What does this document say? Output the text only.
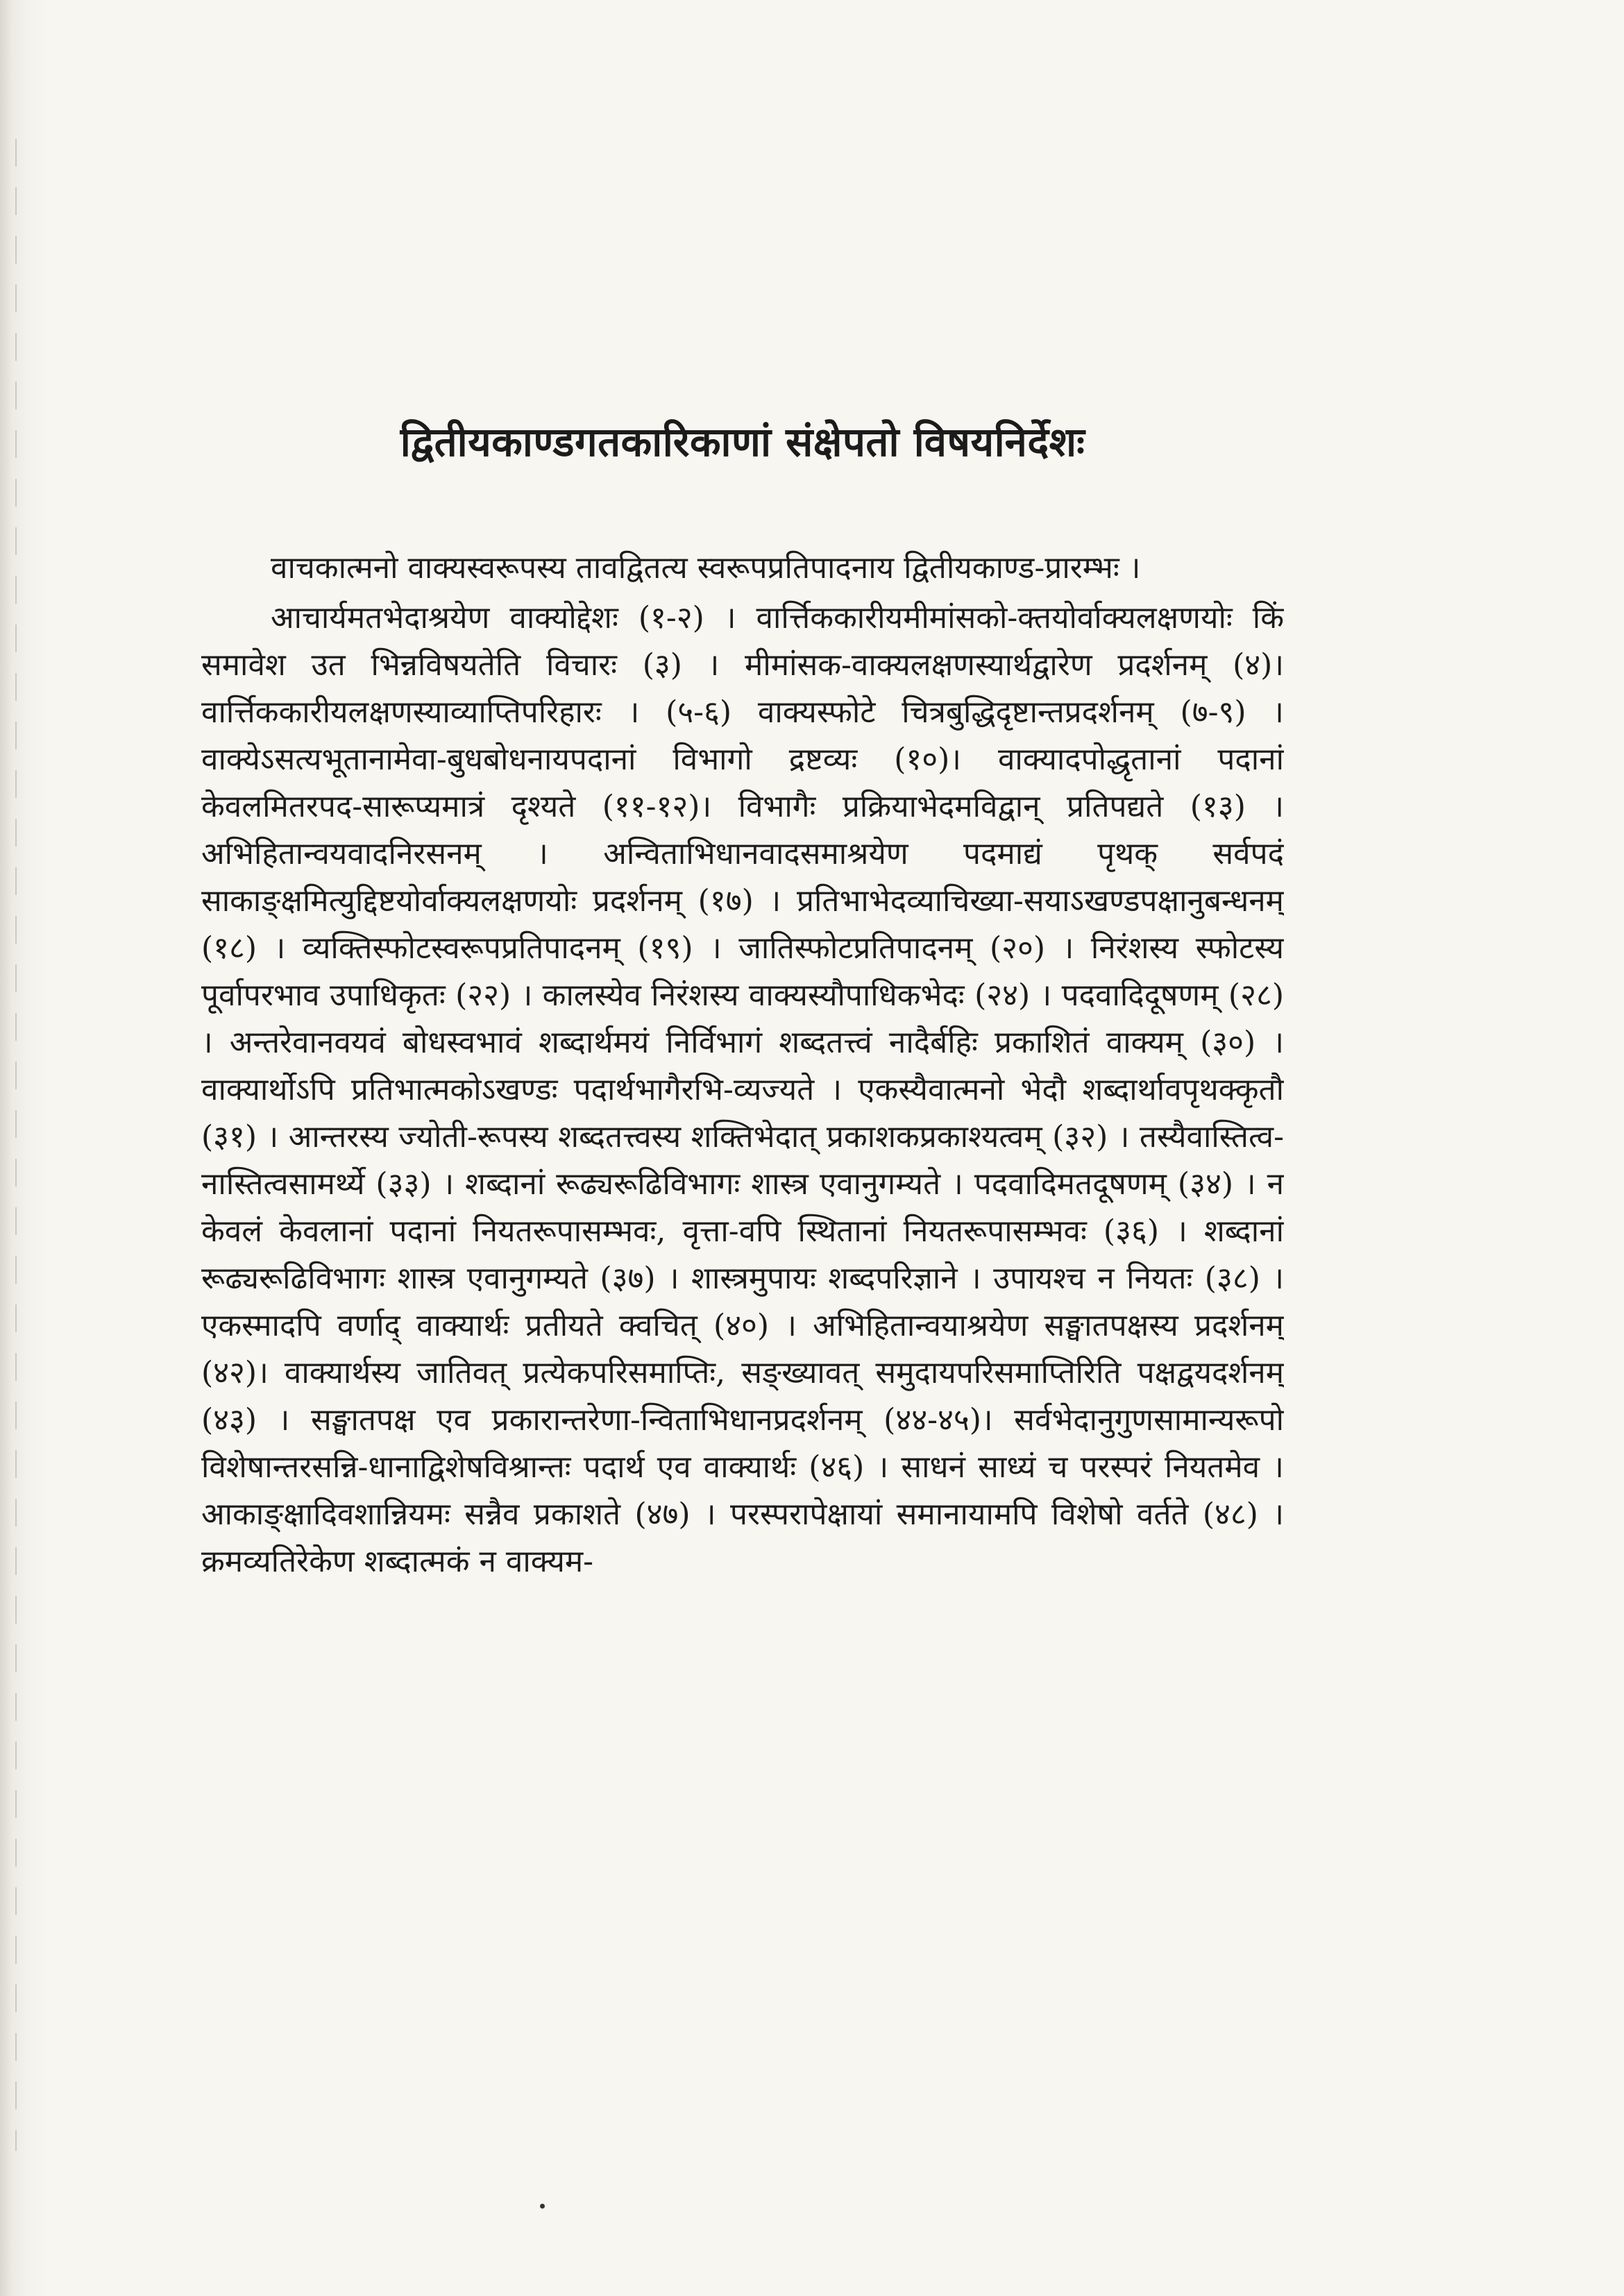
द्वितीयकाण्डगतकारिकाणां संक्षेपतो विषयनिर्देशः

वाचकात्मनो वाक्यस्वरूपस्य तावद्वितत्य स्वरूपप्रतिपादनाय द्वितीयकाण्ड-प्रारम्भः ।

आचार्यमतभेदाश्रयेण वाक्योद्देशः (१-२) । वार्त्तिककारीयमीमांसको-क्तयोर्वाक्यलक्षणयोः किं समावेश उत भिन्नविषयतेति विचारः (३) । मीमांसक-वाक्यलक्षणस्यार्थद्वारेण प्रदर्शनम् (४)। वार्त्तिककारीयलक्षणस्याव्याप्तिपरिहारः । (५-६) वाक्यस्फोटे चित्रबुद्धिदृष्टान्तप्रदर्शनम् (७-९) । वाक्येऽसत्यभूतानामेवा-बुधबोधनायपदानां विभागो द्रष्टव्यः (१०)। वाक्यादपोद्धृतानां पदानां केवलमितरपद-सारूप्यमात्रं दृश्यते (११-१२)। विभागैः प्रक्रियाभेदमविद्वान् प्रतिपद्यते (१३) । अभिहितान्वयवादनिरसनम् । अन्विताभिधानवादसमाश्रयेण पदमाद्यं पृथक् सर्वपदं साकाङ्क्षमित्युद्दिष्टयोर्वाक्यलक्षणयोः प्रदर्शनम् (१७) । प्रतिभाभेदव्याचिख्या-सयाऽखण्डपक्षानुबन्धनम् (१८) । व्यक्तिस्फोटस्वरूपप्रतिपादनम् (१९) । जातिस्फोटप्रतिपादनम् (२०) । निरंशस्य स्फोटस्य पूर्वापरभाव उपाधिकृतः (२२) । कालस्येव निरंशस्य वाक्यस्यौपाधिकभेदः (२४) । पदवादिदूषणम् (२८) । अन्तरेवानवयवं बोधस्वभावं शब्दार्थमयं निर्विभागं शब्दतत्त्वं नादैर्बहिः प्रकाशितं वाक्यम् (३०) । वाक्यार्थोऽपि प्रतिभात्मकोऽखण्डः पदार्थभागैरभि-व्यज्यते । एकस्यैवात्मनो भेदौ शब्दार्थावपृथक्कृतौ (३१) । आन्तरस्य ज्योती-रूपस्य शब्दतत्त्वस्य शक्तिभेदात् प्रकाशकप्रकाश्यत्वम् (३२) । तस्यैवास्तित्व-नास्तित्वसामर्थ्ये (३३) । शब्दानां रूढ्यरूढिविभागः शास्त्र एवानुगम्यते । पदवादिमतदूषणम् (३४) । न केवलं केवलानां पदानां नियतरूपासम्भवः, वृत्ता-वपि स्थितानां नियतरूपासम्भवः (३६) । शब्दानां रूढ्यरूढिविभागः शास्त्र एवानुगम्यते (३७) । शास्त्रमुपायः शब्दपरिज्ञाने । उपायश्च न नियतः (३८) । एकस्मादपि वर्णाद् वाक्यार्थः प्रतीयते क्वचित् (४०) । अभिहितान्वयाश्रयेण सङ्घातपक्षस्य प्रदर्शनम् (४२)। वाक्यार्थस्य जातिवत् प्रत्येकपरिसमाप्तिः, सङ्ख्यावत् समुदायपरिसमाप्तिरिति पक्षद्वयदर्शनम् (४३) । सङ्घातपक्ष एव प्रकारान्तरेणा-न्विताभिधानप्रदर्शनम् (४४-४५)। सर्वभेदानुगुणसामान्यरूपो विशेषान्तरसन्नि-धानाद्विशेषविश्रान्तः पदार्थ एव वाक्यार्थः (४६) । साधनं साध्यं च परस्परं नियतमेव । आकाङ्क्षादिवशान्नियमः सन्नैव प्रकाशते (४७) । परस्परापेक्षायां समानायामपि विशेषो वर्तते (४८) । क्रमव्यतिरेकेण शब्दात्मकं न वाक्यम-
